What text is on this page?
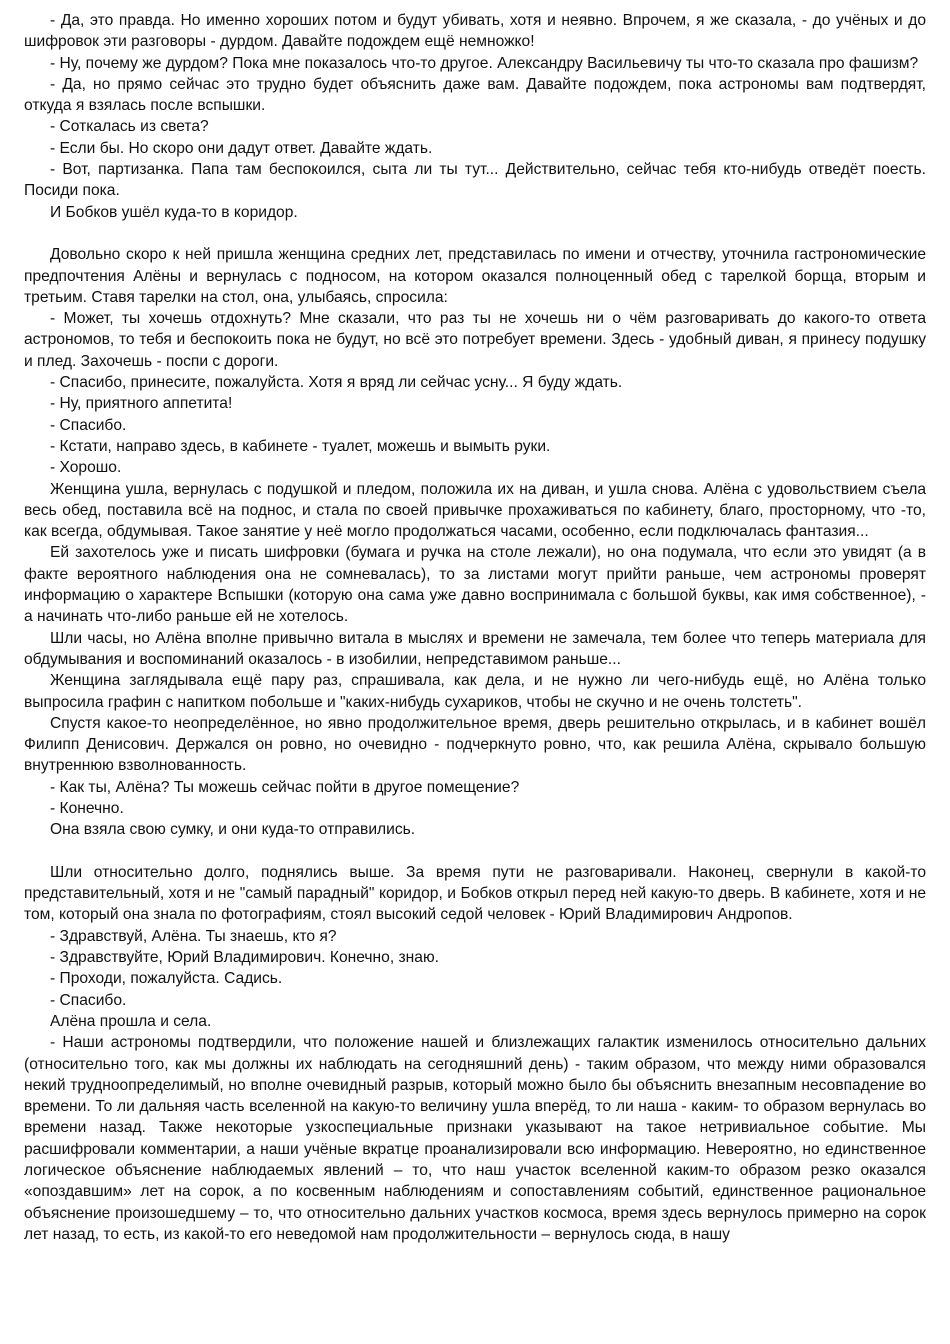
- Да, это правда. Но именно хороших потом и будут убивать, хотя и неявно. Впрочем, я же сказала, - до учёных и до шифровок эти разговоры - дурдом. Давайте подождем ещё немножко!

- Ну, почему же дурдом? Пока мне показалось что-то другое. Александру Васильевичу ты что-то сказала про фашизм?

- Да, но прямо сейчас это трудно будет объяснить даже вам. Давайте подождем, пока астрономы вам подтвердят, откуда я взялась после вспышки.

- Соткалась из света?

- Если бы. Но скоро они дадут ответ. Давайте ждать.

- Вот, партизанка. Папа там беспокоился, сыта ли ты тут... Действительно, сейчас тебя кто-нибудь отведёт поесть. Посиди пока.

И Бобков ушёл куда-то в коридор.

Довольно скоро к ней пришла женщина средних лет, представилась по имени и отчеству, уточнила гастрономические предпочтения Алёны и вернулась с подносом, на котором оказался полноценный обед с тарелкой борща, вторым и третьим. Ставя тарелки на стол, она, улыбаясь, спросила:

- Может, ты хочешь отдохнуть? Мне сказали, что раз ты не хочешь ни о чём разговаривать до какого-то ответа астрономов, то тебя и беспокоить пока не будут, но всё это потребует времени. Здесь - удобный диван, я принесу подушку и плед. Захочешь - поспи с дороги.

- Спасибо, принесите, пожалуйста. Хотя я вряд ли сейчас усну... Я буду ждать.

- Ну, приятного аппетита!

- Спасибо.

- Кстати, направо здесь, в кабинете - туалет, можешь и вымыть руки.

- Хорошо.

Женщина ушла, вернулась с подушкой и пледом, положила их на диван, и ушла снова. Алёна с удовольствием съела весь обед, поставила всё на поднос, и стала по своей привычке прохаживаться по кабинету, благо, просторному, что -то, как всегда, обдумывая. Такое занятие у неё могло продолжаться часами, особенно, если подключалась фантазия...

Ей захотелось уже и писать шифровки (бумага и ручка на столе лежали), но она подумала, что если это увидят (а в факте вероятного наблюдения она не сомневалась), то за листами могут прийти раньше, чем астрономы проверят информацию о характере Вспышки (которую она сама уже давно воспринимала с большой буквы, как имя собственное), - а начинать что-либо раньше ей не хотелось.

Шли часы, но Алёна вполне привычно витала в мыслях и времени не замечала, тем более что теперь материала для обдумывания и воспоминаний оказалось - в изобилии, непредставимом раньше...

Женщина заглядывала ещё пару раз, спрашивала, как дела, и не нужно ли чего-нибудь ещё, но Алёна только выпросила графин с напитком побольше и "каких-нибудь сухариков, чтобы не скучно и не очень толстеть".

Спустя какое-то неопределённое, но явно продолжительное время, дверь решительно открылась, и в кабинет вошёл Филипп Денисович. Держался он ровно, но очевидно - подчеркнуто ровно, что, как решила Алёна, скрывало большую внутреннюю взволнованность.

- Как ты, Алёна? Ты можешь сейчас пойти в другое помещение?

- Конечно.

Она взяла свою сумку, и они куда-то отправились.

Шли относительно долго, поднялись выше. За время пути не разговаривали. Наконец, свернули в какой-то представительный, хотя и не "самый парадный" коридор, и Бобков открыл перед ней какую-то дверь. В кабинете, хотя и не том, который она знала по фотографиям, стоял высокий седой человек - Юрий Владимирович Андропов.

- Здравствуй, Алёна. Ты знаешь, кто я?

- Здравствуйте, Юрий Владимирович. Конечно, знаю.

- Проходи, пожалуйста. Садись.

- Спасибо.

Алёна прошла и села.

- Наши астрономы подтвердили, что положение нашей и близлежащих галактик изменилось относительно дальних (относительно того, как мы должны их наблюдать на сегодняшний день) - таким образом, что между ними образовался некий трудноопределимый, но вполне очевидный разрыв, который можно было бы объяснить внезапным несовпадение во времени. То ли дальняя часть вселенной на какую-то величину ушла вперёд, то ли наша - каким- то образом вернулась во времени назад. Также некоторые узкоспециальные признаки указывают на такое нетривиальное событие. Мы расшифровали комментарии, а наши учёные вкратце проанализировали всю информацию. Невероятно, но единственное логическое объяснение наблюдаемых явлений – то, что наш участок вселенной каким-то образом резко оказался «опоздавшим» лет на сорок, а по косвенным наблюдениям и сопоставлениям событий, единственное рациональное объяснение произошедшему – то, что относительно дальних участков космоса, время здесь вернулось примерно на сорок лет назад, то есть, из какой-то его неведомой нам продолжительности – вернулось сюда, в нашу
